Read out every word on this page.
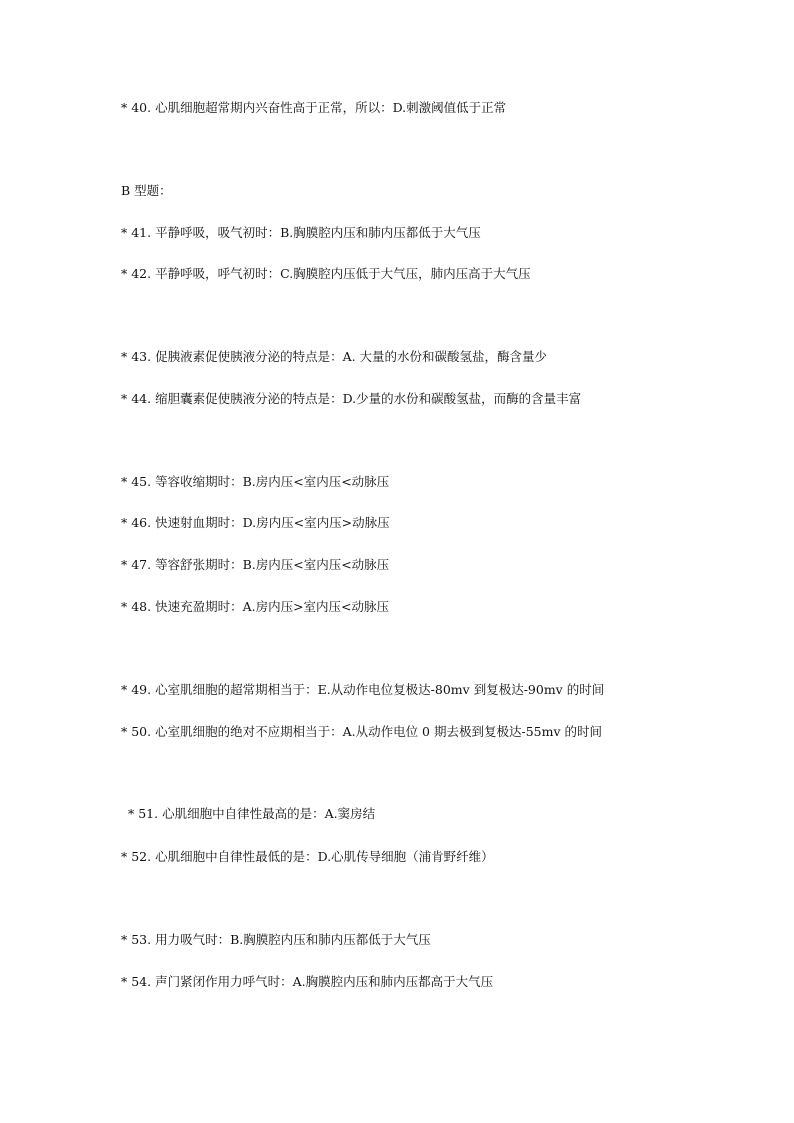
* 40. 心肌细胞超常期内兴奋性高于正常，所以：D.刺激阈值低于正常
B 型题：
* 41. 平静呼吸，吸气初时：B.胸膜腔内压和肺内压都低于大气压
* 42. 平静呼吸，呼气初时：C.胸膜腔内压低于大气压，肺内压高于大气压
* 43. 促胰液素促使胰液分泌的特点是：A. 大量的水份和碳酸氢盐，酶含量少
* 44. 缩胆囊素促使胰液分泌的特点是：D.少量的水份和碳酸氢盐，而酶的含量丰富
* 45. 等容收缩期时：B.房内压<室内压<动脉压
* 46. 快速射血期时：D.房内压<室内压>动脉压
* 47. 等容舒张期时：B.房内压<室内压<动脉压
* 48. 快速充盈期时：A.房内压>室内压<动脉压
* 49. 心室肌细胞的超常期相当于：E.从动作电位复极达-80mv 到复极达-90mv 的时间
* 50. 心室肌细胞的绝对不应期相当于：A.从动作电位 0 期去极到复极达-55mv 的时间
* 51. 心肌细胞中自律性最高的是：A.窦房结
* 52. 心肌细胞中自律性最低的是：D.心肌传导细胞（浦肯野纤维）
* 53. 用力吸气时：B.胸膜腔内压和肺内压都低于大气压
* 54. 声门紧闭作用力呼气时：A.胸膜腔内压和肺内压都高于大气压
